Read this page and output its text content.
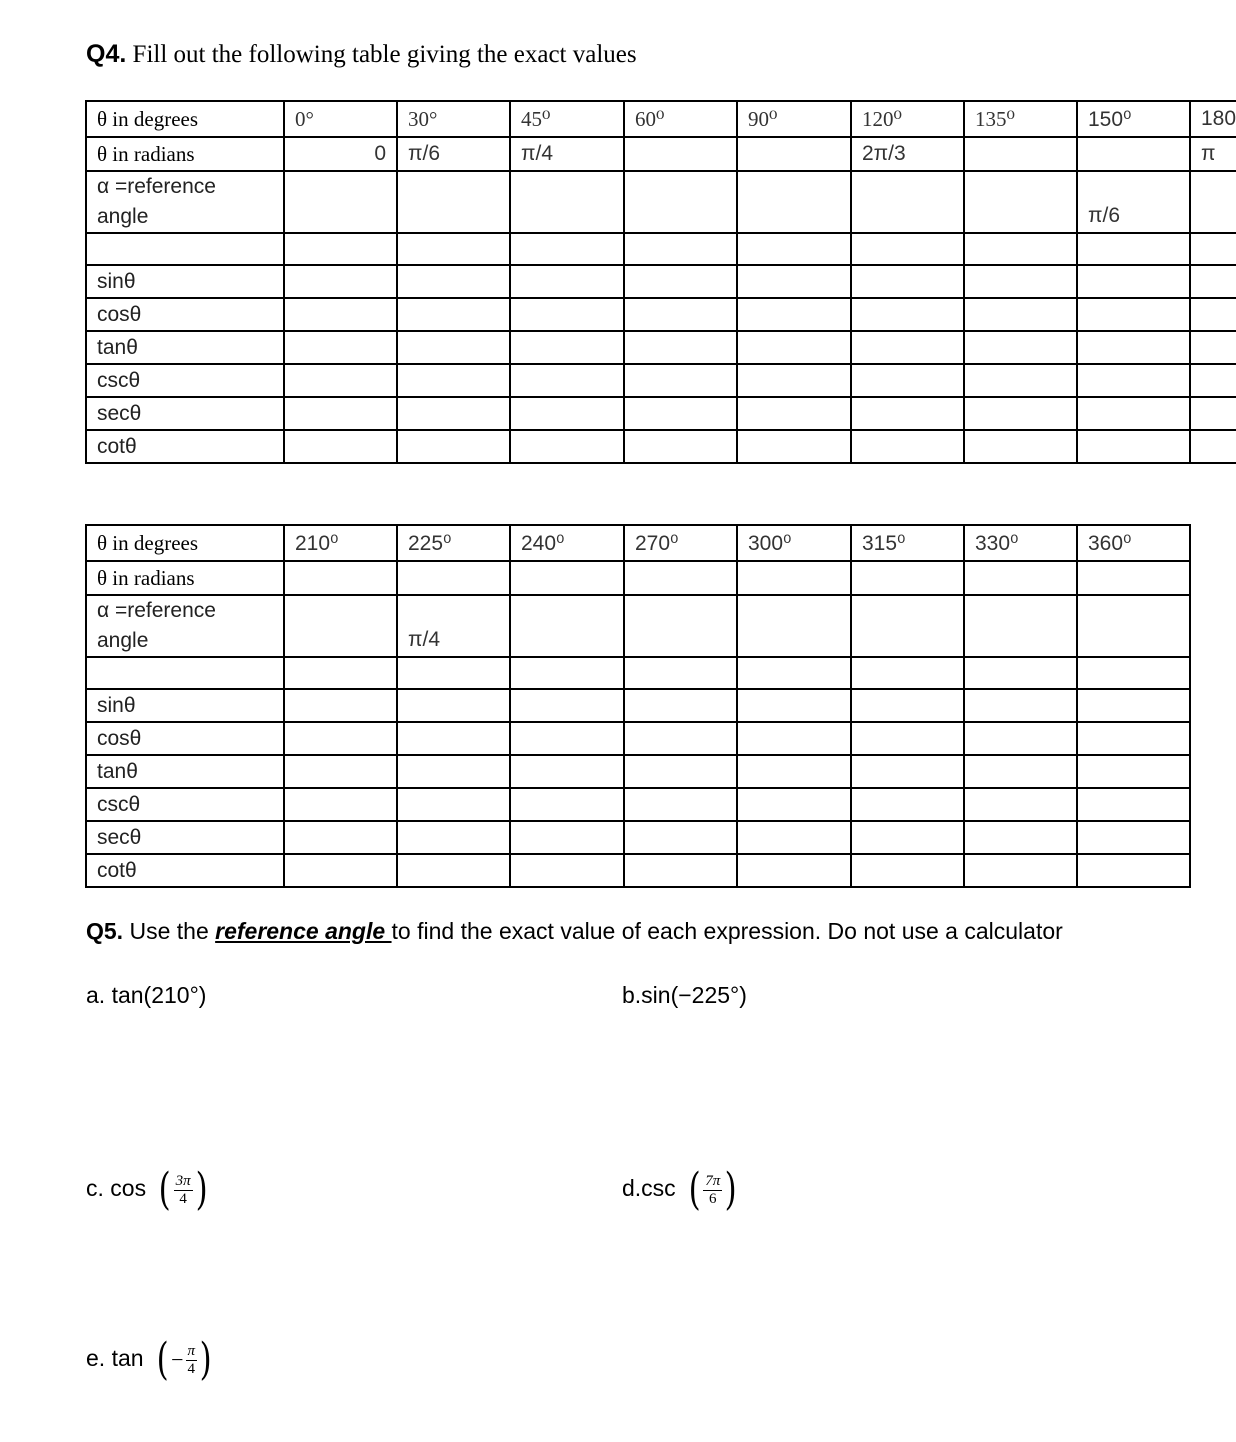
Q4. Fill out the following table giving the exact values
θ in degrees	0°	30°	45⁰	60⁰	90⁰	120⁰	135⁰	150⁰	180
θ in radians	0	π/6	π/4			2π/3			π

α =reference
angle								π/6	

sinθ									
cosθ									
tanθ									
cscθ									
secθ									
cotθ									
θ in degrees	210⁰	225⁰	240⁰	270⁰	300⁰	315⁰	330⁰	360⁰
θ in radians								

α =reference
angle		π/4						

sinθ								
cosθ								
tanθ								
cscθ								
secθ								
cotθ								
Q5. Use the reference angle to find the exact value of each expression. Do not use a calculator
a. tan(210°)	b.sin(−225°)
c. cos ( $\frac{3\pi}{4}$ )	d.csc ( $\frac{7\pi}{6}$ )
e. tan ( − $\frac{\pi}{4}$ )
